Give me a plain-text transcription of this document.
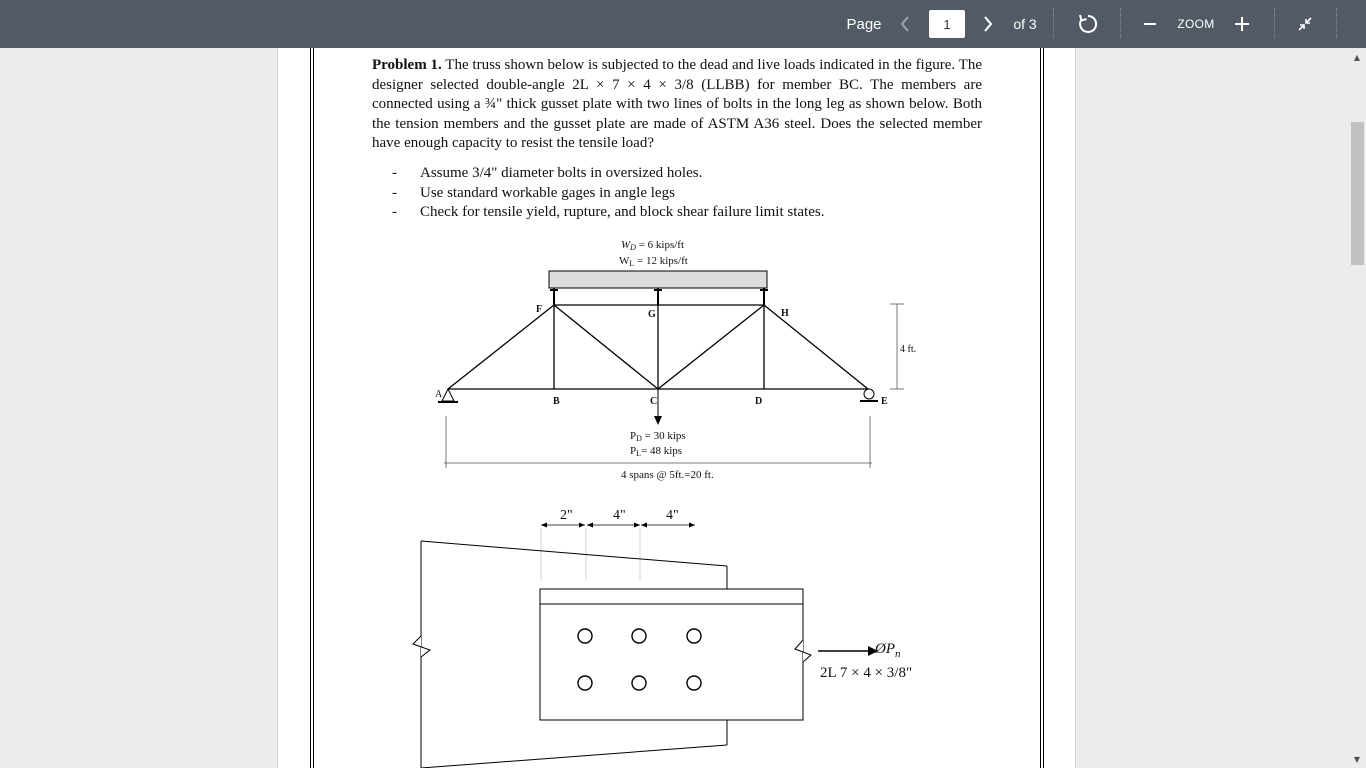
Page
1	of 3	ZOOM

Problem 1. The truss shown below is subjected to the dead and live loads indicated in the figure. The designer selected double-angle 2L × 7 × 4 × 3/8 (LLBB) for member BC. The members are connected using a ¾" thick gusset plate with two lines of bolts in the long leg as shown below. Both the tension members and the gusset plate are made of ASTM A36 steel. Does the selected member have enough capacity to resist the tensile load?

- Assume 3/4" diameter bolts in oversized holes.
- Use standard workable gages in angle legs
- Check for tensile yield, rupture, and block shear failure limit states.
WD = 6 kips/ft
WL = 12 kips/ft
A
B	C	D	E
F	G	H
4 ft.
PD = 30 kips
PL= 48 kips
4 spans @ 5ft.=20 ft.
2"	4"	4"
$ØP_n$
2L 7 × 4 × 3/8"
▲
▼
